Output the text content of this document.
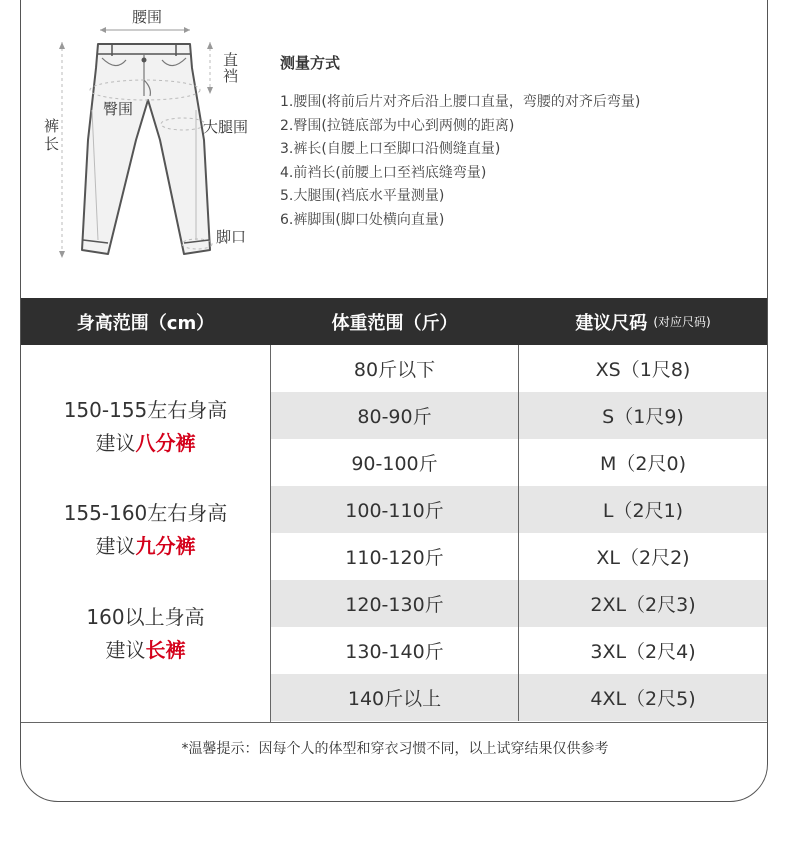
腰围
直裆
臀围
大腿围
裤长
脚口
测量方式
1.腰围(将前后片对齐后沿上腰口直量，弯腰的对齐后弯量)
2.臀围(拉链底部为中心到两侧的距离)
3.裤长(自腰上口至脚口沿侧缝直量)
4.前裆长(前腰上口至裆底缝弯量)
5.大腿围(裆底水平量测量)
6.裤脚围(脚口处横向直量)
身高范围（cm）	体重范围（斤）	建议尺码 (对应尺码)
150-155左右身高
建议八分裤
155-160左右身高
建议九分裤
160以上身高
建议长裤
80斤以下	XS（1尺8)
80-90斤	S（1尺9)
90-100斤	M（2尺0)
100-110斤	L（2尺1)
110-120斤	XL（2尺2)
120-130斤	2XL（2尺3)
130-140斤	3XL（2尺4)
140斤以上	4XL（2尺5)
*温馨提示：因每个人的体型和穿衣习惯不同，以上试穿结果仅供参考
